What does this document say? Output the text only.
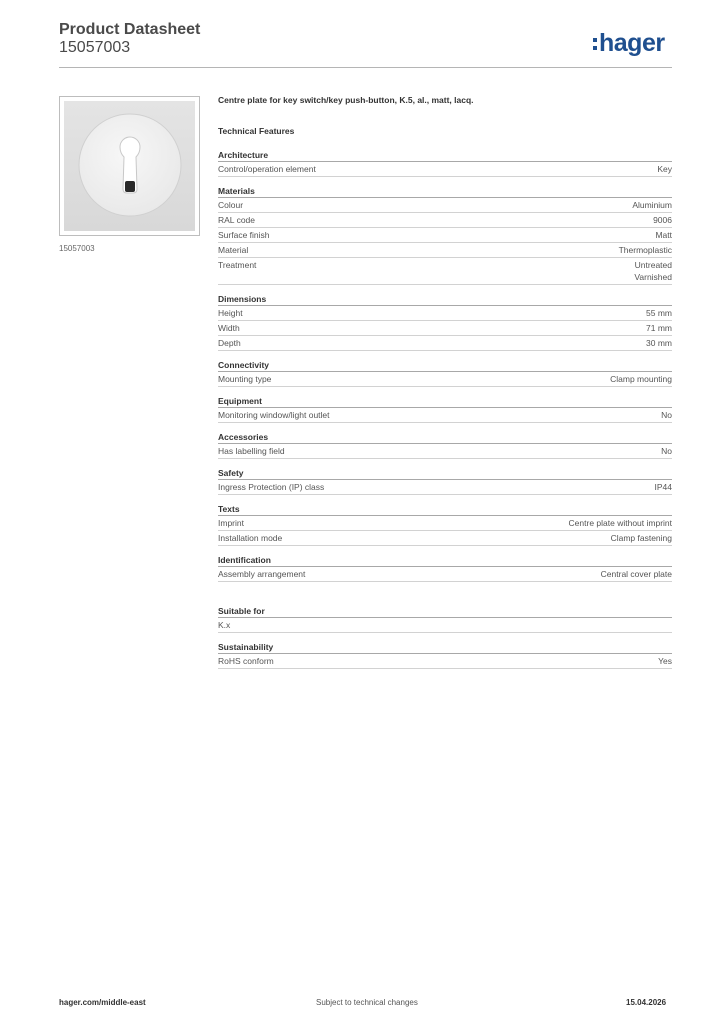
Product Datasheet
15057003	hager
15057003
Centre plate for key switch/key push-button, K.5, al., matt, lacq.
Technical Features
Architecture
Control/operation element	Key
Materials
Colour	Aluminium
RAL code	9006
Surface finish	Matt
Material	Thermoplastic
Treatment	Untreated
Varnished
Dimensions
Height	55 mm
Width	71 mm
Depth	30 mm
Connectivity
Mounting type	Clamp mounting
Equipment
Monitoring window/light outlet	No
Accessories
Has labelling field	No
Safety
Ingress Protection (IP) class	IP44
Texts
Imprint	Centre plate without imprint
Installation mode	Clamp fastening
Identification
Assembly arrangement	Central cover plate
Suitable for
K.x
Sustainability
RoHS conform	Yes
hager.com/middle-east	Subject to technical changes	15.04.2026
